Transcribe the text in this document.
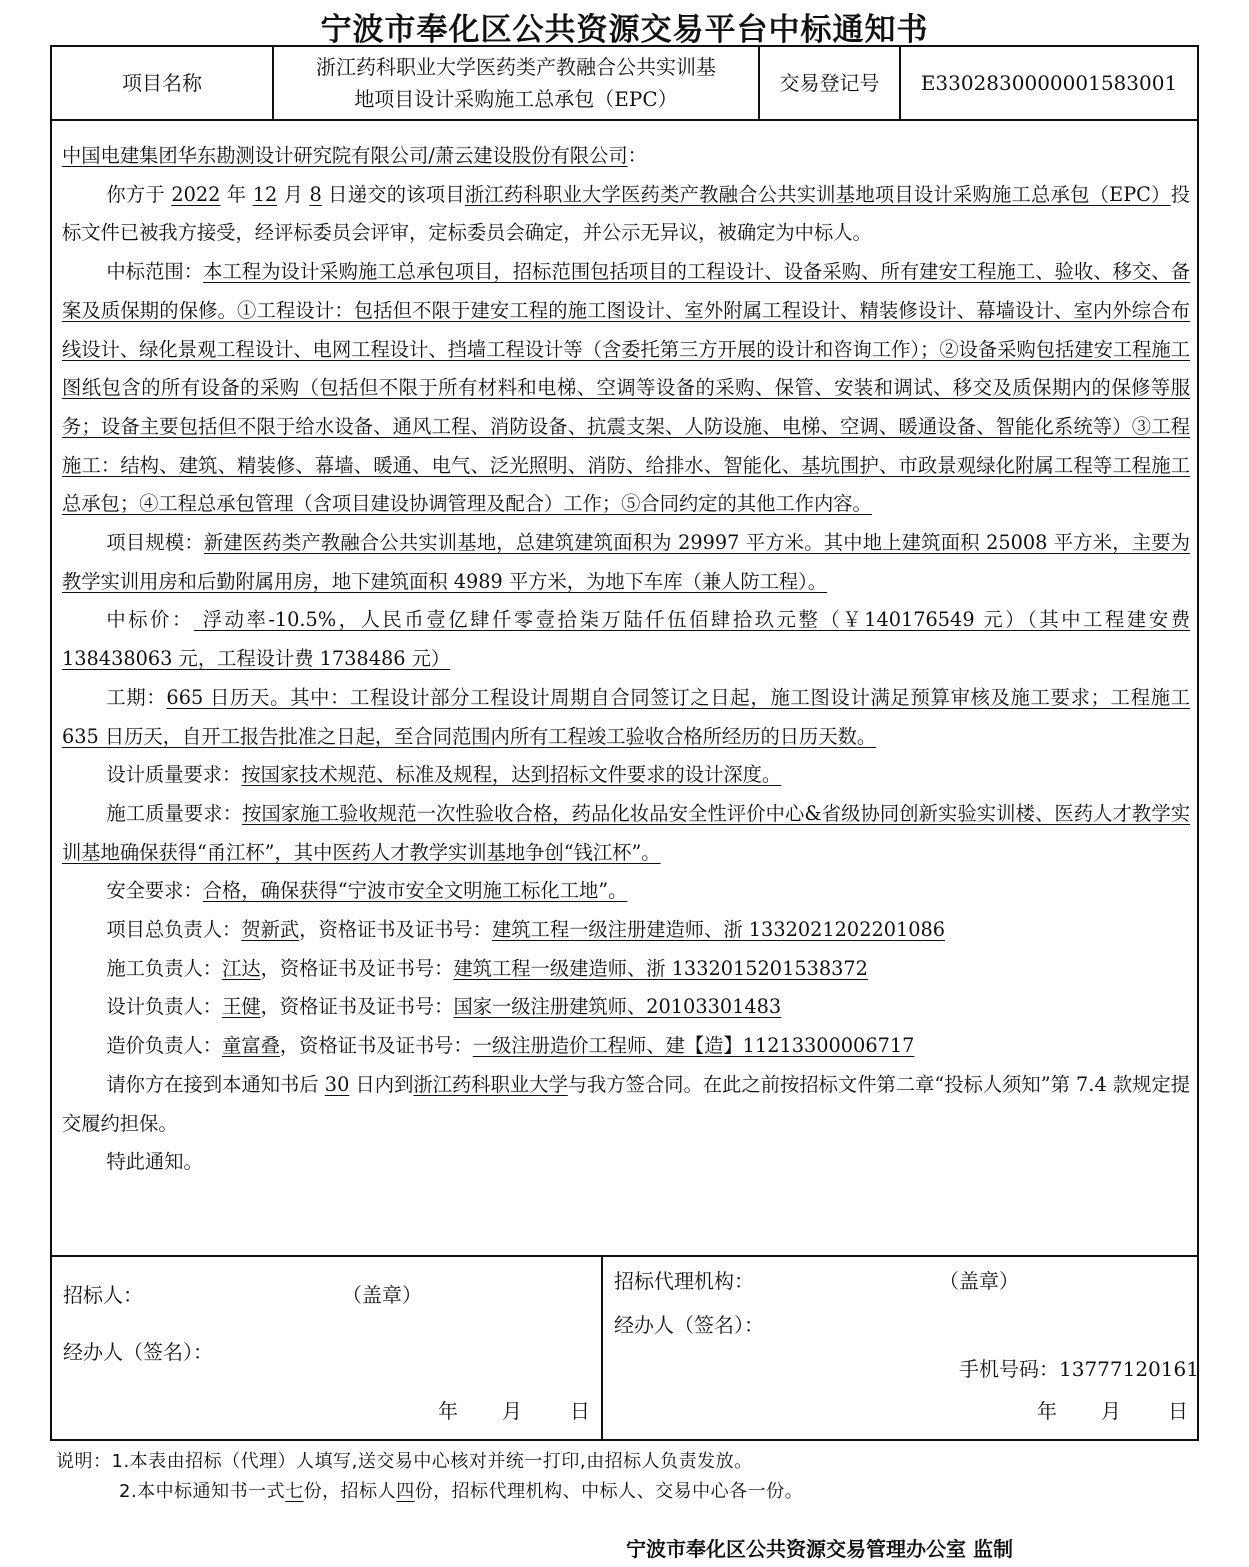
宁波市奉化区公共资源交易平台中标通知书
项目名称
浙江药科职业大学医药类产教融合公共实训基
地项目设计采购施工总承包（EPC）
交易登记号	E3302830000001583001

中国电建集团华东勘测设计研究院有限公司/萧云建设股份有限公司：

你方于 2022 年 12 月 8 日递交的该项目浙江药科职业大学医药类产教融合公共实训基地项目设计采购施工总承包（EPC）投标文件已被我方接受，经评标委员会评审，定标委员会确定，并公示无异议，被确定为中标人。

中标范围：本工程为设计采购施工总承包项目，招标范围包括项目的工程设计、设备采购、所有建安工程施工、验收、移交、备案及质保期的保修。①工程设计：包括但不限于建安工程的施工图设计、室外附属工程设计、精装修设计、幕墙设计、室内外综合布线设计、绿化景观工程设计、电网工程设计、挡墙工程设计等（含委托第三方开展的设计和咨询工作）；②设备采购包括建安工程施工图纸包含的所有设备的采购（包括但不限于所有材料和电梯、空调等设备的采购、保管、安装和调试、移交及质保期内的保修等服务；设备主要包括但不限于给水设备、通风工程、消防设备、抗震支架、人防设施、电梯、空调、暖通设备、智能化系统等）③工程施工：结构、建筑、精装修、幕墙、暖通、电气、泛光照明、消防、给排水、智能化、基坑围护、市政景观绿化附属工程等工程施工总承包；④工程总承包管理（含项目建设协调管理及配合）工作；⑤合同约定的其他工作内容。

项目规模：新建医药类产教融合公共实训基地，总建筑建筑面积为 29997 平方米。其中地上建筑面积 25008 平方米，主要为教学实训用房和后勤附属用房，地下建筑面积 4989 平方米，为地下车库（兼人防工程）。

中标价： 浮动率-10.5%，人民币壹亿肆仟零壹拾柒万陆仟伍佰肆拾玖元整（￥140176549 元）（其中工程建安费 138438063 元，工程设计费 1738486 元）

工期：665 日历天。其中：工程设计部分工程设计周期自合同签订之日起，施工图设计满足预算审核及施工要求；工程施工 635 日历天，自开工报告批准之日起，至合同范围内所有工程竣工验收合格所经历的日历天数。

设计质量要求：按国家技术规范、标准及规程，达到招标文件要求的设计深度。

施工质量要求：按国家施工验收规范一次性验收合格，药品化妆品安全性评价中心&省级协同创新实验实训楼、医药人才教学实训基地确保获得“甬江杯”，其中医药人才教学实训基地争创“钱江杯”。

安全要求：合格，确保获得“宁波市安全文明施工标化工地”。

项目总负责人：贺新武，资格证书及证书号：建筑工程一级注册建造师、浙 1332021202201086

施工负责人：江达，资格证书及证书号：建筑工程一级建造师、浙 1332015201538372

设计负责人：王健，资格证书及证书号：国家一级注册建筑师、20103301483

造价负责人：童富叠，资格证书及证书号：一级注册造价工程师、建【造】11213300006717

请你方在接到本通知书后 30 日内到浙江药科职业大学与我方签合同。在此之前按招标文件第二章“投标人须知”第 7.4 款规定提交履约担保。

特此通知。

招标人：	（盖章）
经办人（签名）：
年 月 日
招标代理机构：	（盖章）
经办人（签名）：
手机号码：13777120161
年 月 日
说明：1.本表由招标（代理）人填写,送交易中心核对并统一打印,由招标人负责发放。
2.本中标通知书一式七份，招标人四份，招标代理机构、中标人、交易中心各一份。
宁波市奉化区公共资源交易管理办公室 监制
